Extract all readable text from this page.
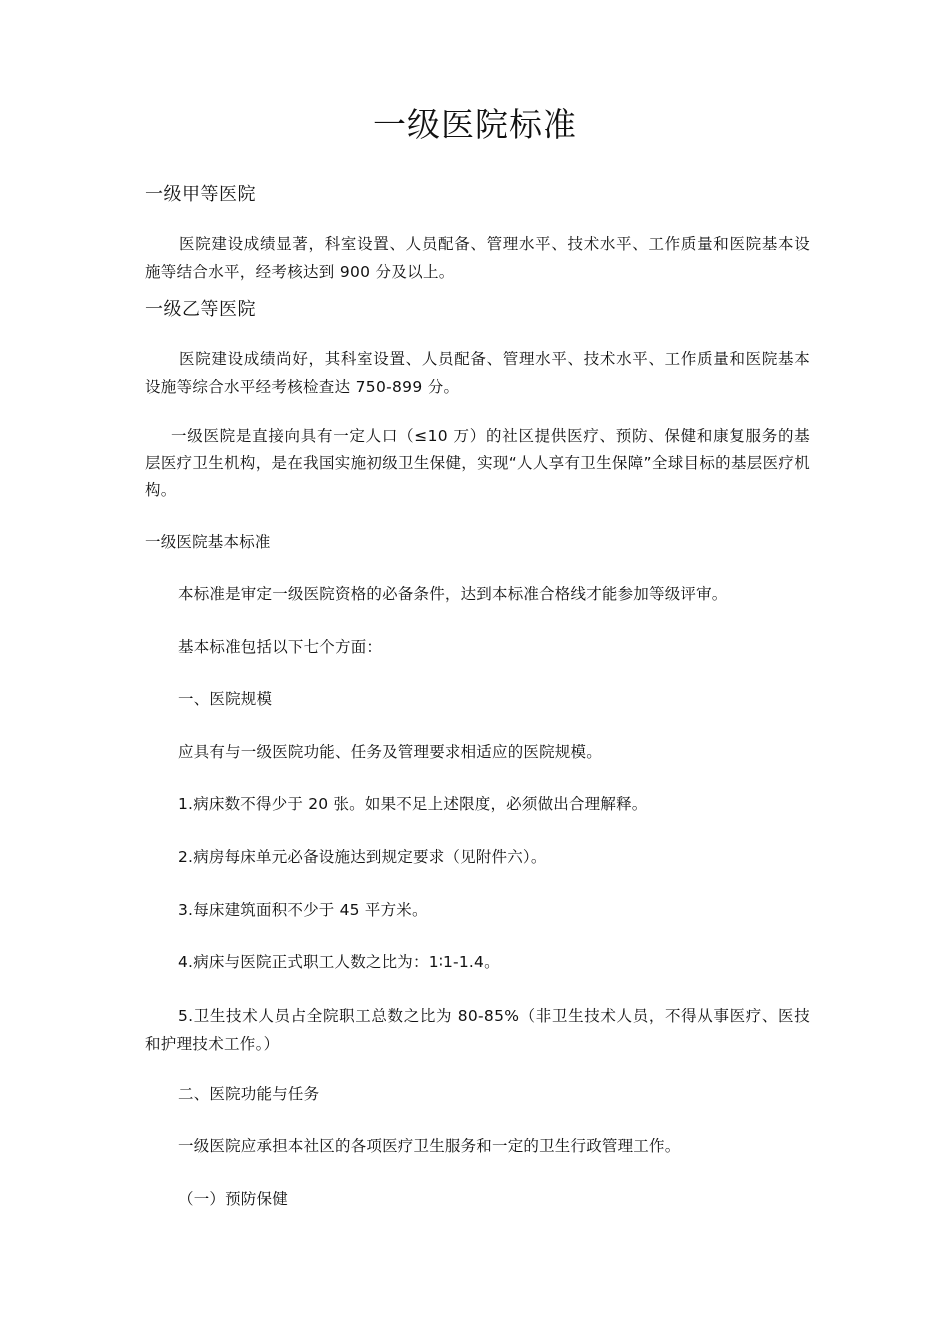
一级医院标准
一级甲等医院
医院建设成绩显著，科室设置、人员配备、管理水平、技术水平、工作质量和医院基本设施等结合水平，经考核达到 900 分及以上。
一级乙等医院
医院建设成绩尚好，其科室设置、人员配备、管理水平、技术水平、工作质量和医院基本设施等综合水平经考核检查达 750-899 分。
一级医院是直接向具有一定人口（≤10 万）的社区提供医疗、预防、保健和康复服务的基层医疗卫生机构，是在我国实施初级卫生保健，实现“人人享有卫生保障”全球目标的基层医疗机构。
一级医院基本标准
本标准是审定一级医院资格的必备条件，达到本标准合格线才能参加等级评审。
基本标准包括以下七个方面：
一、医院规模
应具有与一级医院功能、任务及管理要求相适应的医院规模。
1.病床数不得少于 20 张。如果不足上述限度，必须做出合理解释。
2.病房每床单元必备设施达到规定要求（见附件六）。
3.每床建筑面积不少于 45 平方米。
4.病床与医院正式职工人数之比为：1∶1-1.4。
5.卫生技术人员占全院职工总数之比为 80-85%（非卫生技术人员，不得从事医疗、医技和护理技术工作。）
二、医院功能与任务
一级医院应承担本社区的各项医疗卫生服务和一定的卫生行政管理工作。
（一）预防保健
